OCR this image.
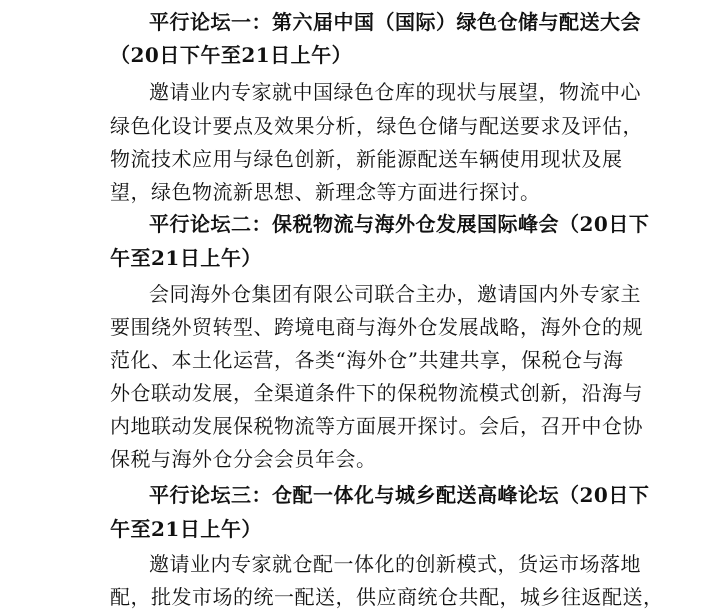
平行论坛一：第六届中国（国际）绿色仓储与配送大会
（20日下午至21日上午）
邀请业内专家就中国绿色仓库的现状与展望，物流中心
绿色化设计要点及效果分析，绿色仓储与配送要求及评估，
物流技术应用与绿色创新，新能源配送车辆使用现状及展
望，绿色物流新思想、新理念等方面进行探讨。
平行论坛二：保税物流与海外仓发展国际峰会（20日下
午至21日上午）
会同海外仓集团有限公司联合主办，邀请国内外专家主
要围绕外贸转型、跨境电商与海外仓发展战略，海外仓的规
范化、本土化运营，各类“海外仓”共建共享，保税仓与海
外仓联动发展，全渠道条件下的保税物流模式创新，沿海与
内地联动发展保税物流等方面展开探讨。会后，召开中仓协
保税与海外仓分会会员年会。
平行论坛三：仓配一体化与城乡配送高峰论坛（20日下
午至21日上午）
邀请业内专家就仓配一体化的创新模式，货运市场落地
配，批发市场的统一配送，供应商统仓共配，城乡往返配送，
